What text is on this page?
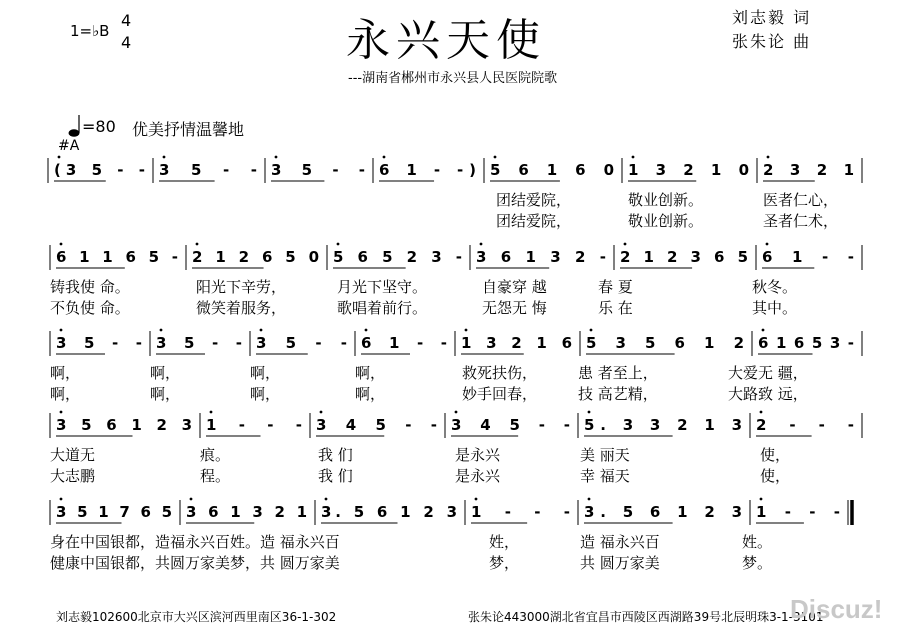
1=♭B
4
4	永兴天使	刘志毅 词
张朱论 曲
---湖南省郴州市永兴县人民医院院歌
=80 优美抒情温馨地
#A
(3 5 - - 3 5 - - 3 5 - - 6 1 - -) 5 6 1 6 0 1 3 2 1 0 2 3 2 1
团结爱院，	敬业创新。	医者仁心，
团结爱院，	敬业创新。	圣者仁术，
6 1 1 6 5 - 2 1 2 6 5 0 5 6 5 2 3 - 3 6 1 3 2 - 2 1 2 3 6 5 6 1 - -
铸我使 命。	阳光下辛劳，	月光下坚守。	自豪穿 越	春 夏	秋冬。
不负使 命。	微笑着服务，	歌唱着前行。	无怨无 悔	乐 在	其中。
3 5 - - 3 5 - - 3 5 - - 6 1 - - 1 3 2 1 6 5 3 5 6 1 2 6 1 6 5 3 -
啊，	啊，	啊，	啊，	救死扶伤，	患 者至上，	大爱无 疆，
啊，	啊，	啊，	啊，	妙手回春，	技 高艺精，	大路致 远，
3 5 6 1 2 3 1 - - - 3 4 5 - - 3 4 5 - - 5. 3 3 2 1 3 2 - - -
大道无	痕。	我 们	是永兴	美 丽天	使，
大志鹏	程。	我 们	是永兴	幸 福天	使，
3 5 1 7 6 5 3 6 1 3 2 1 3. 5 6 1 2 3 1 - - - 3. 5 6 1 2 3 1 - - -
身在中国银都，造福永兴百姓。造 福永兴百	姓，	造 福永兴百	姓。
健康中国银都，共圆万家美梦，共 圆万家美	梦，	共 圆万家美	梦。
刘志毅102600北京市大兴区滨河西里南区36-1-302	张朱论443000湖北省宜昌市西陵区西湖路39号北辰明珠3-1-3101
Discuz!
